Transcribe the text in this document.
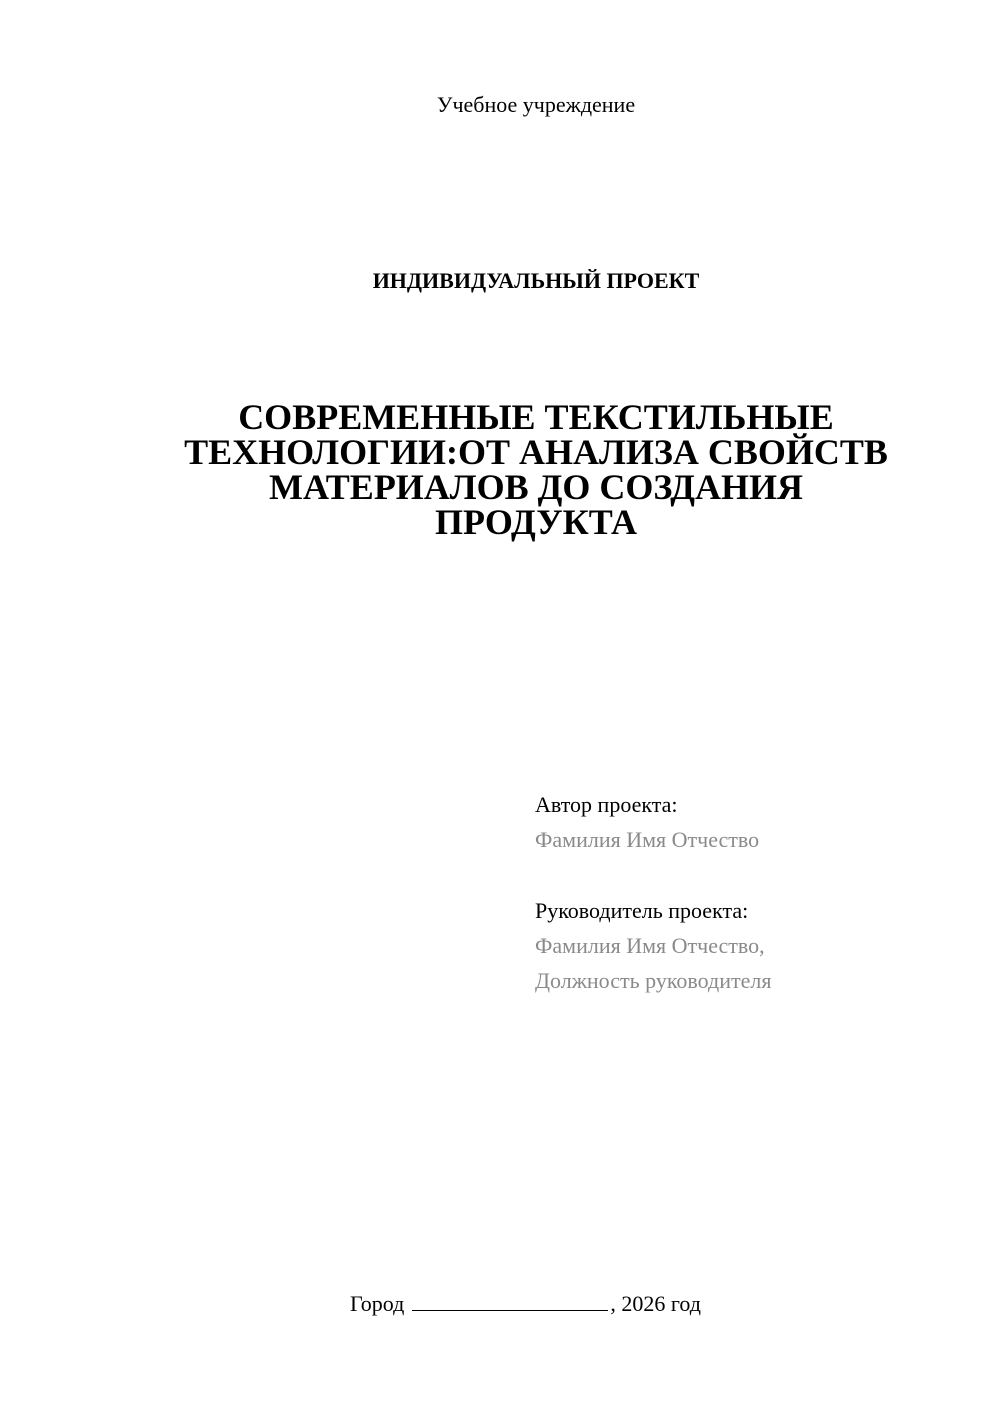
Учебное учреждение
ИНДИВИДУАЛЬНЫЙ ПРОЕКТ
СОВРЕМЕННЫЕ ТЕКСТИЛЬНЫЕ
ТЕХНОЛОГИИ:ОТ АНАЛИЗА СВОЙСТВ
МАТЕРИАЛОВ ДО СОЗДАНИЯ
ПРОДУКТА
Автор проекта:
Фамилия Имя Отчество
Руководитель проекта:
Фамилия Имя Отчество,
Должность руководителя
Город	, 2026 год
